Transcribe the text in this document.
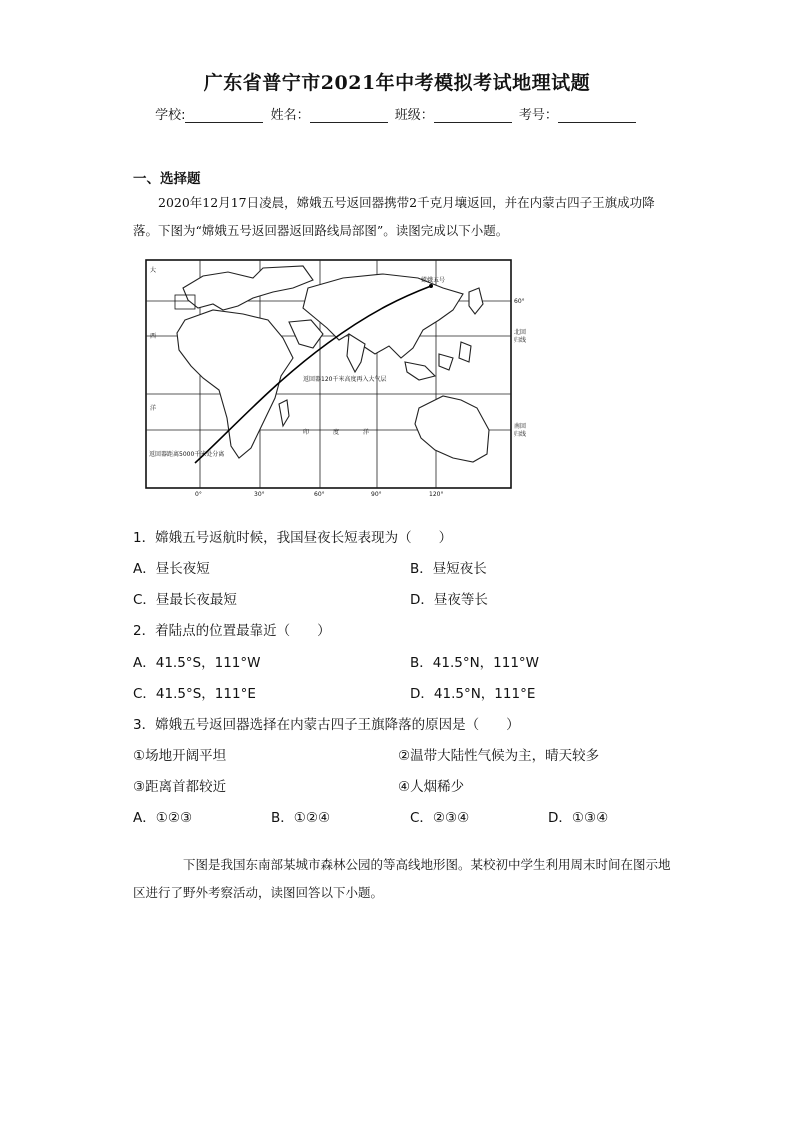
广东省普宁市2021年中考模拟考试地理试题
学校:	姓名：	班级：	考号：
一、选择题
2020年12月17日凌晨，嫦娥五号返回器携带2千克月壤返回，并在内蒙古四子王旗成功降落。下图为“嫦娥五号返回器返回路线局部图”。读图完成以下小题。
大
西
洋
印	度	洋
嫦娥五号
返回器120千米高度再入大气层
返回器距离5000千米处分离
60°
北回
归线
南回
归线
0°	30°	60°	90°	120°
1．嫦娥五号返航时候，我国昼夜长短表现为（　　）
A．昼长夜短	B．昼短夜长
C．昼最长夜最短	D．昼夜等长
2．着陆点的位置最靠近（　　）
A．41.5°S，111°W	B．41.5°N，111°W
C．41.5°S，111°E	D．41.5°N，111°E
3．嫦娥五号返回器选择在内蒙古四子王旗降落的原因是（　　）
①场地开阔平坦	②温带大陆性气候为主，晴天较多
③距离首都较近	④人烟稀少
A．①②③	B．①②④	C．②③④	D．①③④
下图是我国东南部某城市森林公园的等高线地形图。某校初中学生利用周末时间在图示地区进行了野外考察活动，读图回答以下小题。
